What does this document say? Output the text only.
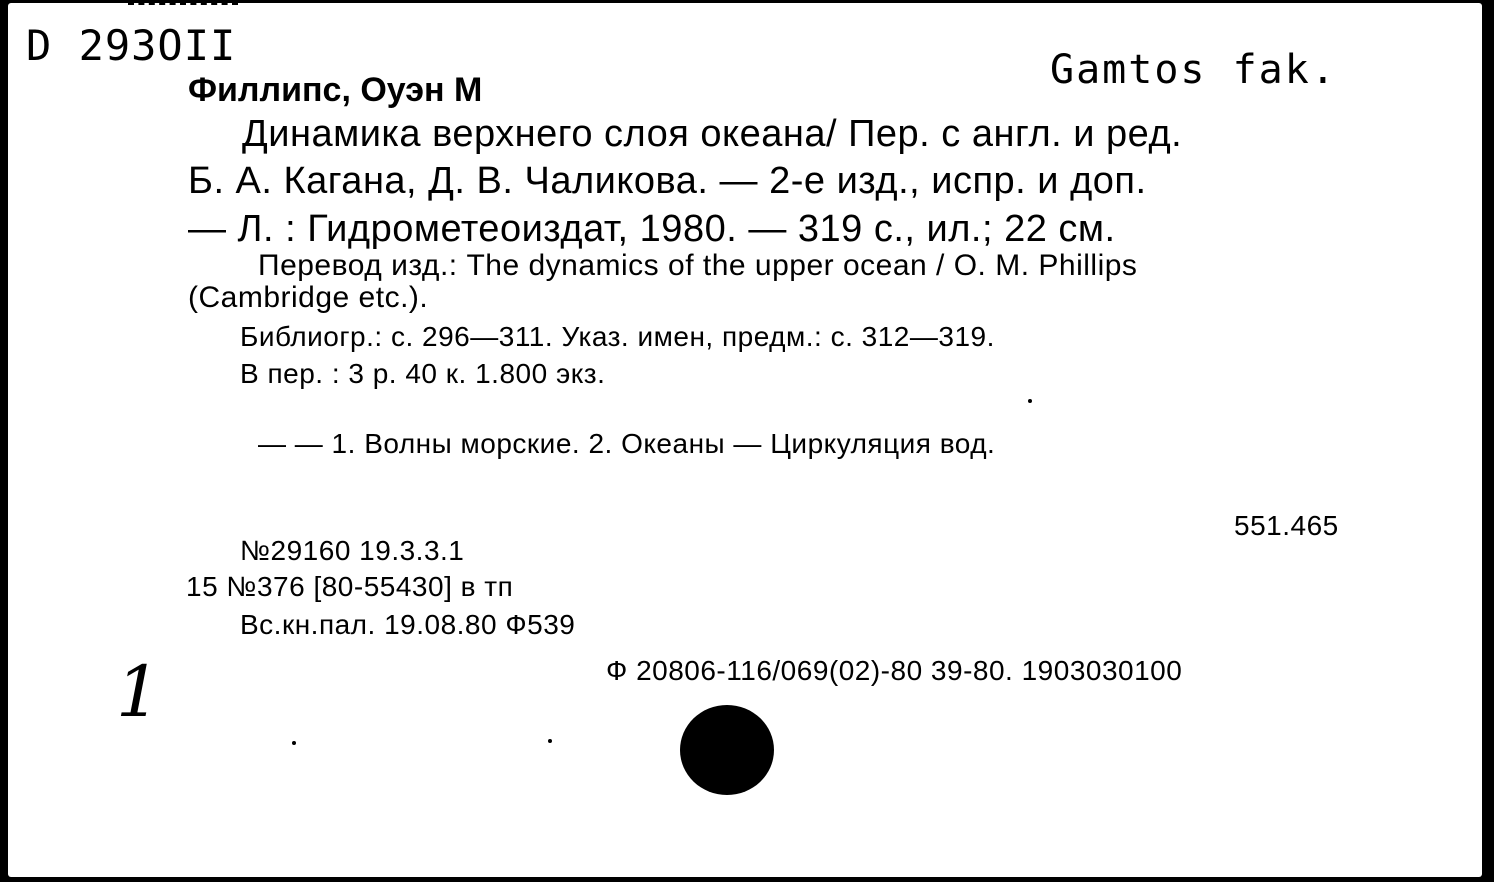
D 293OII	Gamtos fak.
Филлипс, Оуэн М
Динамика верхнего слоя океана/ Пер. с англ. и ред.
Б. А. Кагана, Д. В. Чаликова. — 2-е изд., испр. и доп.
— Л. : Гидрометеоиздат, 1980. — 319 с., ил.; 22 см.
Перевод изд.: The dynamics of the upper ocean / O. M. Phillips
(Cambridge etc.).
Библиогр.: с. 296—311. Указ. имен, предм.: с. 312—319.
В пер. : 3 р. 40 к. 1.800 экз.
— — 1. Волны морские. 2. Океаны — Циркуляция вод.
551.465
№29160 19.3.3.1
15 №376 [80-55430] в тп
Вс.кн.пал. 19.08.80 Ф539
Ф 20806-116/069(02)-80 39-80. 1903030100
1
